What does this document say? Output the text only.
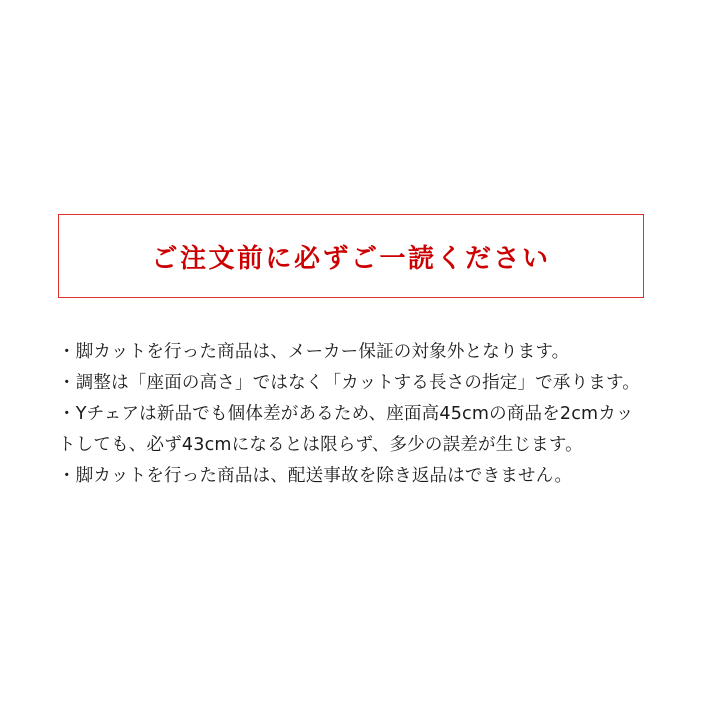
ご注文前に必ずご一読ください
・脚カットを行った商品は、メーカー保証の対象外となります。
・調整は「座面の高さ」ではなく「カットする長さの指定」で承ります。
・Yチェアは新品でも個体差があるため、座面高45cmの商品を2cmカットしても、必ず43cmになるとは限らず、多少の誤差が生じます。
・脚カットを行った商品は、配送事故を除き返品はできません。
